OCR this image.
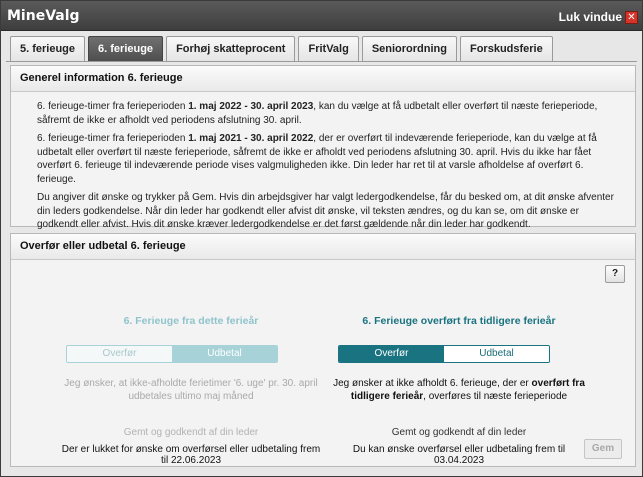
MineValg	Luk vindue ✕
5. ferieuge	6. ferieuge	Forhøj skatteprocent	FritValg	Seniorordning	Forskudsferie
Generel information 6. ferieuge

6. ferieuge-timer fra ferieperioden 1. maj 2022 - 30. april 2023, kan du vælge at få udbetalt eller overført til næste ferieperiode, såfremt de ikke er afholdt ved periodens afslutning 30. april.

6. ferieuge-timer fra ferieperioden 1. maj 2021 - 30. april 2022, der er overført til indeværende ferieperiode, kan du vælge at få udbetalt eller overført til næste ferieperiode, såfremt de ikke er afholdt ved periodens afslutning 30. april. Hvis du ikke har fået overført 6. ferieuge til indeværende periode vises valgmuligheden ikke. Din leder har ret til at varsle afholdelse af overført 6. ferieuge.

Du angiver dit ønske og trykker på Gem. Hvis din arbejdsgiver har valgt ledergodkendelse, får du besked om, at dit ønske afventer din leders godkendelse. Når din leder har godkendt eller afvist dit ønske, vil teksten ændres, og du kan se, om dit ønske er godkendt eller afvist. Hvis dit ønske kræver ledergodkendelse er det først gældende når din leder har godkendt.

Overfør eller udbetal 6. ferieuge
?
6. Ferieuge fra dette ferieår
Overfør	Udbetal
Jeg ønsker, at ikke-afholdte ferietimer '6. uge' pr. 30. april udbetales ultimo maj måned
Gemt og godkendt af din leder
Der er lukket for ønske om overførsel eller udbetaling frem til 22.06.2023
6. Ferieuge overført fra tidligere ferieår
Overfør	Udbetal
Jeg ønsker at ikke afholdt 6. ferieuge, der er overført fra tidligere ferieår, overføres til næste ferieperiode
Gemt og godkendt af din leder
Du kan ønske overførsel eller udbetaling frem til 03.04.2023
Gem
